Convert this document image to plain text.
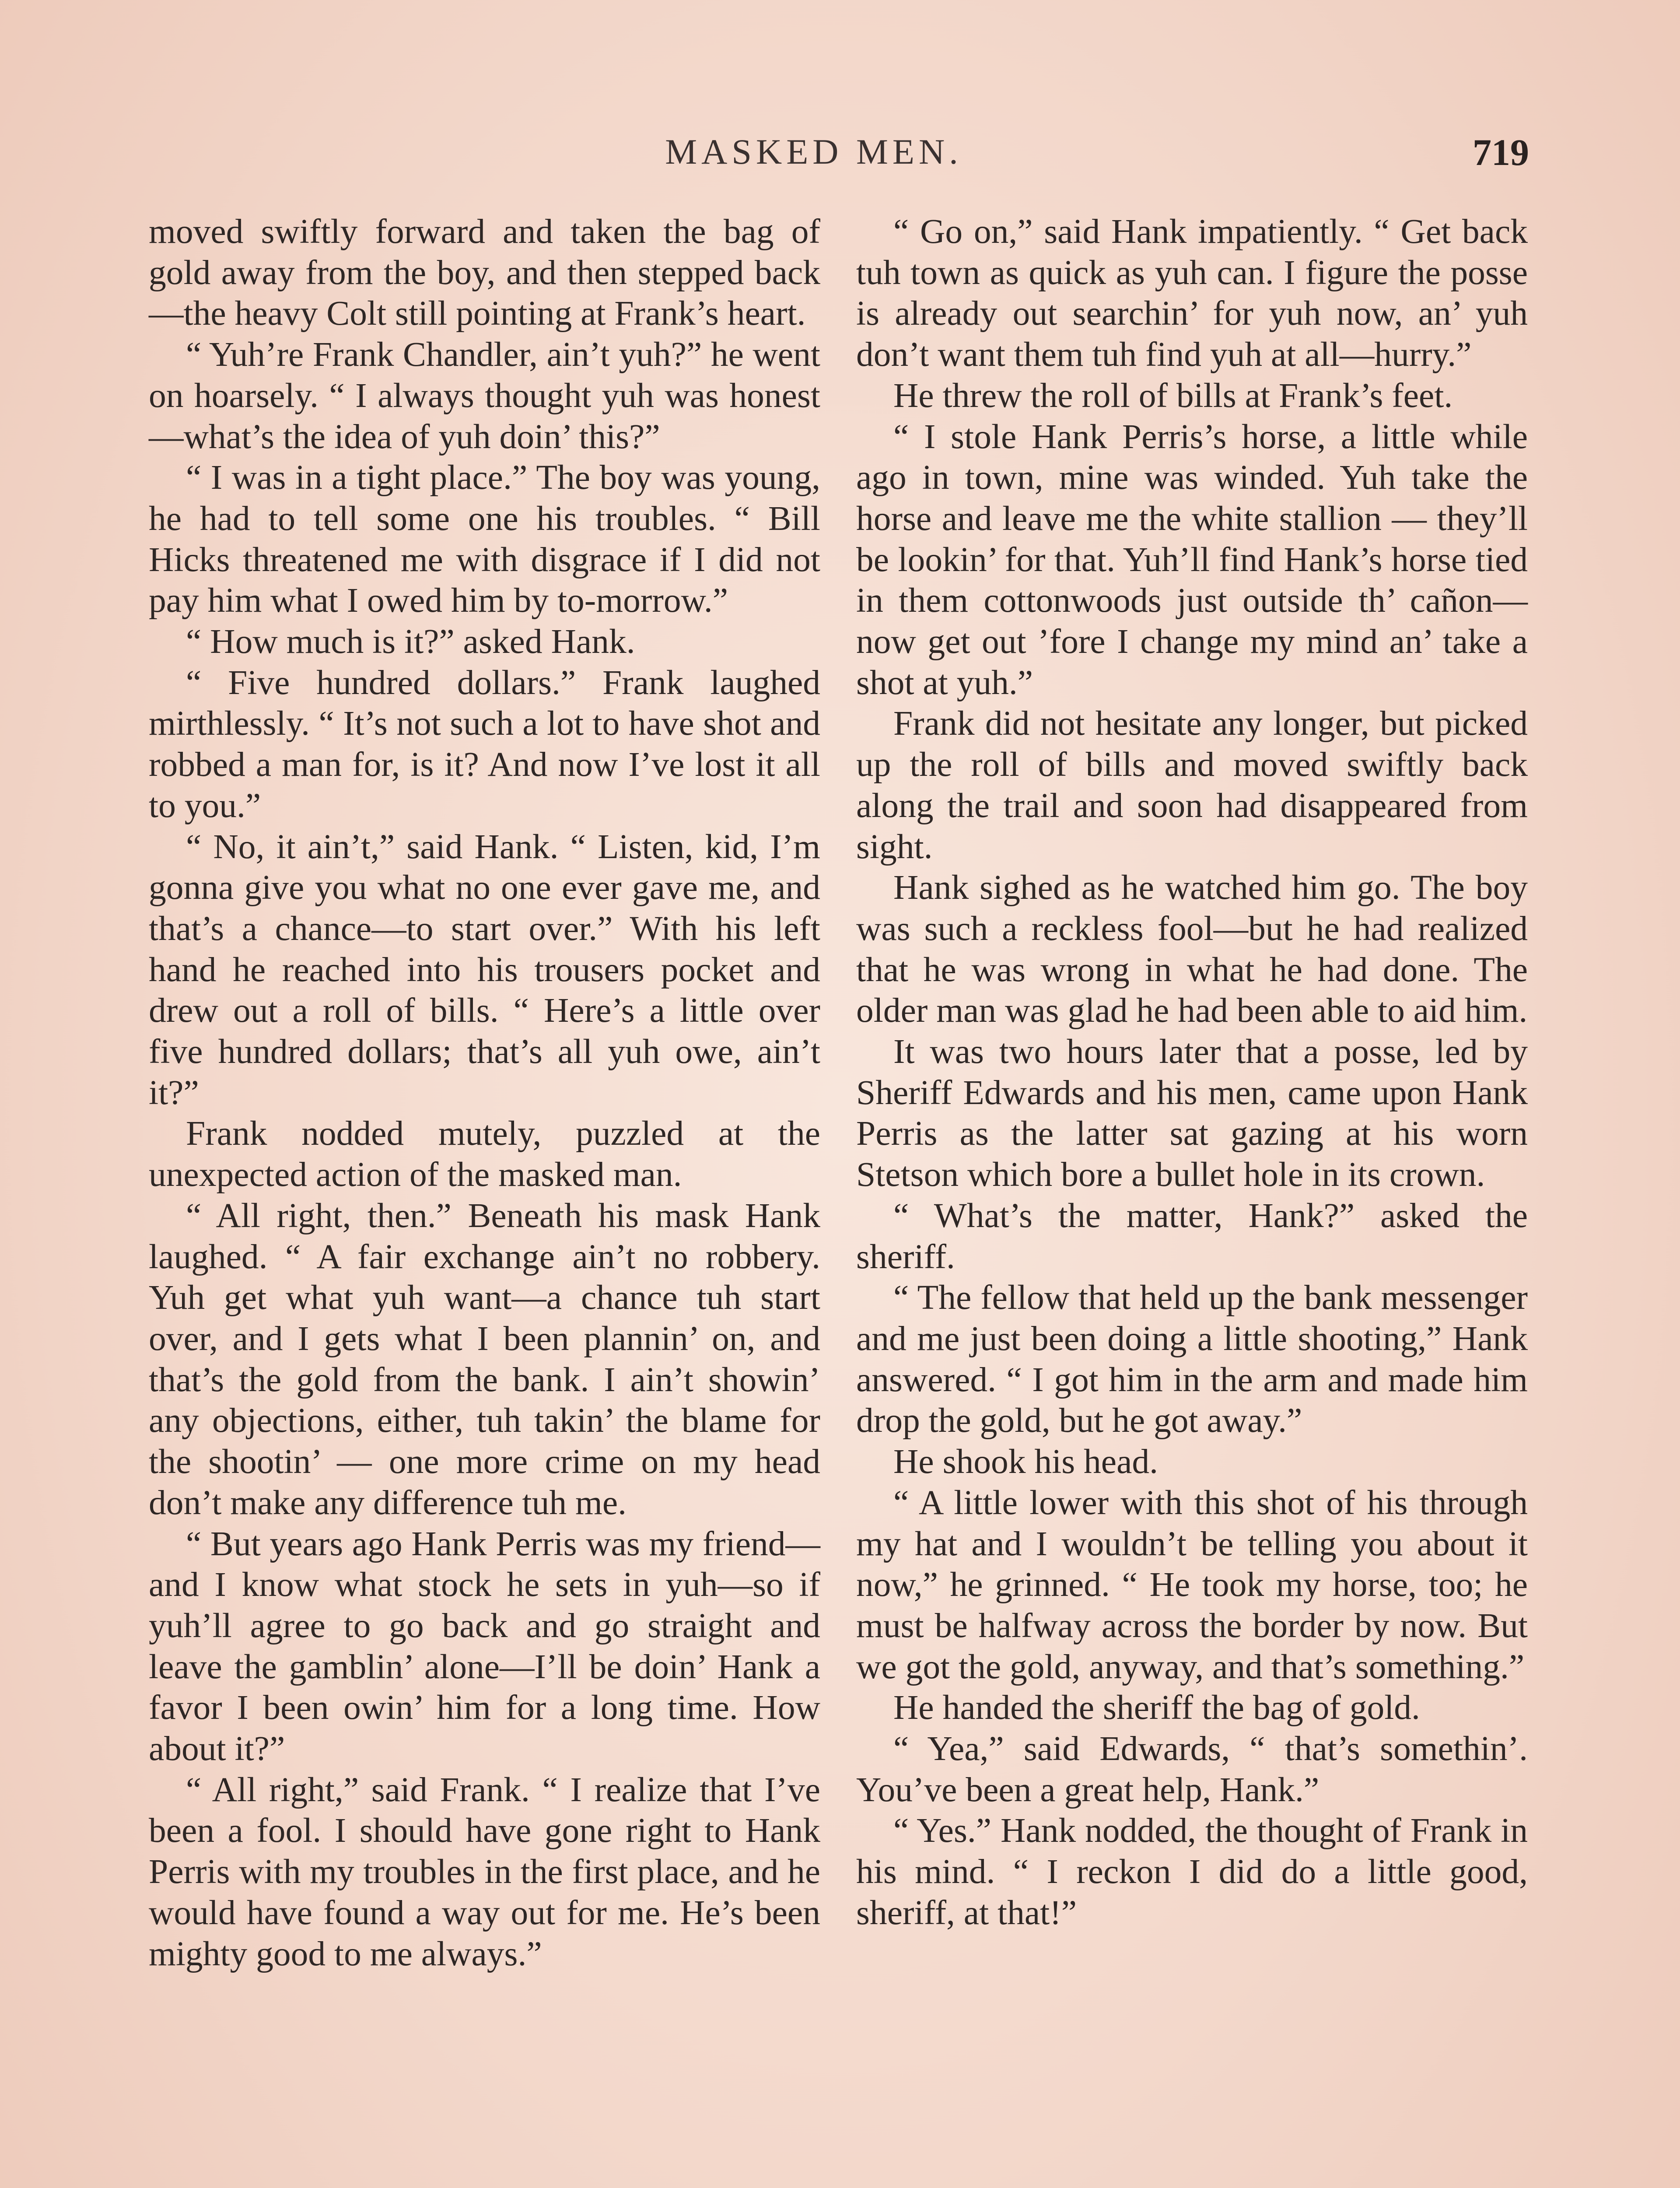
MASKED MEN.	719

moved swiftly forward and taken the bag of gold away from the boy, and then stepped back—the heavy Colt still pointing at Frank’s heart.

“ Yuh’re Frank Chandler, ain’t yuh?” he went on hoarsely. “ I always thought yuh was honest—what’s the idea of yuh doin’ this?”

“ I was in a tight place.” The boy was young, he had to tell some one his troubles. “ Bill Hicks threatened me with disgrace if I did not pay him what I owed him by to-morrow.”

“ How much is it?” asked Hank.

“ Five hundred dollars.” Frank laughed mirthlessly. “ It’s not such a lot to have shot and robbed a man for, is it? And now I’ve lost it all to you.”

“ No, it ain’t,” said Hank. “ Listen, kid, I’m gonna give you what no one ever gave me, and that’s a chance—to start over.” With his left hand he reached into his trousers pocket and drew out a roll of bills. “ Here’s a little over five hundred dollars; that’s all yuh owe, ain’t it?”

Frank nodded mutely, puzzled at the unexpected action of the masked man.

“ All right, then.” Beneath his mask Hank laughed. “ A fair exchange ain’t no robbery. Yuh get what yuh want—a chance tuh start over, and I gets what I been plannin’ on, and that’s the gold from the bank. I ain’t showin’ any objections, either, tuh takin’ the blame for the shootin’ — one more crime on my head don’t make any difference tuh me.

“ But years ago Hank Perris was my friend—and I know what stock he sets in yuh—so if yuh’ll agree to go back and go straight and leave the gamblin’ alone—I’ll be doin’ Hank a favor I been owin’ him for a long time. How about it?”

“ All right,” said Frank. “ I realize that I’ve been a fool. I should have gone right to Hank Perris with my troubles in the first place, and he would have found a way out for me. He’s been mighty good to me always.”

“ Go on,” said Hank impatiently. “ Get back tuh town as quick as yuh can. I figure the posse is already out searchin’ for yuh now, an’ yuh don’t want them tuh find yuh at all—hurry.”

He threw the roll of bills at Frank’s feet.

“ I stole Hank Perris’s horse, a little while ago in town, mine was winded. Yuh take the horse and leave me the white stallion — they’ll be lookin’ for that. Yuh’ll find Hank’s horse tied in them cottonwoods just outside th’ cañon—now get out ’fore I change my mind an’ take a shot at yuh.”

Frank did not hesitate any longer, but picked up the roll of bills and moved swiftly back along the trail and soon had disappeared from sight.

Hank sighed as he watched him go. The boy was such a reckless fool—but he had realized that he was wrong in what he had done. The older man was glad he had been able to aid him.

It was two hours later that a posse, led by Sheriff Edwards and his men, came upon Hank Perris as the latter sat gazing at his worn Stetson which bore a bullet hole in its crown.

“ What’s the matter, Hank?” asked the sheriff.

“ The fellow that held up the bank messenger and me just been doing a little shooting,” Hank answered. “ I got him in the arm and made him drop the gold, but he got away.”

He shook his head.

“ A little lower with this shot of his through my hat and I wouldn’t be telling you about it now,” he grinned. “ He took my horse, too; he must be halfway across the border by now. But we got the gold, anyway, and that’s something.”

He handed the sheriff the bag of gold.

“ Yea,” said Edwards, “ that’s somethin’. You’ve been a great help, Hank.”

“ Yes.” Hank nodded, the thought of Frank in his mind. “ I reckon I did do a little good, sheriff, at that!”
